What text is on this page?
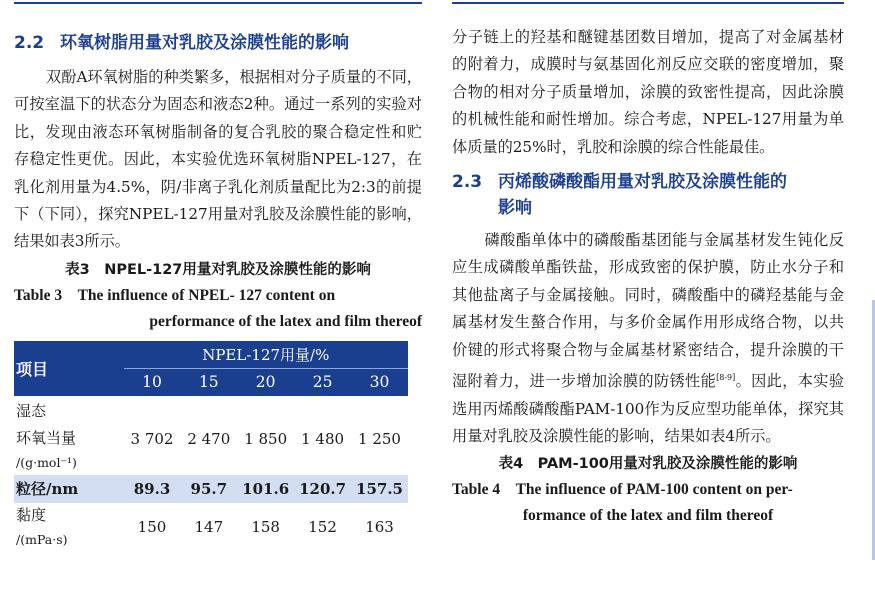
2.2 环氧树脂用量对乳胶及涂膜性能的影响

双酚A环氧树脂的种类繁多，根据相对分子质量的不同，可按室温下的状态分为固态和液态2种。通过一系列的实验对比，发现由液态环氧树脂制备的复合乳胶的聚合稳定性和贮存稳定性更优。因此，本实验优选环氧树脂NPEL-127，在乳化剂用量为4.5%，阴/非离子乳化剂质量配比为2:3的前提下（下同），探究NPEL-127用量对乳胶及涂膜性能的影响，结果如表3所示。

表3　NPEL-127用量对乳胶及涂膜性能的影响

Table 3　The influence of NPEL- 127 content on
performance of the latex and film thereof

项目	NPEL-127用量/%				
	10	15	20	25	30
湿态					
环氧当量
/(g·mol⁻¹)	3 702	2 470	1 850	1 480	1 250
粒径/nm	89.3	95.7	101.6	120.7	157.5
黏度
/(mPa·s)	150	147	158	152	163

分子链上的羟基和醚键基团数目增加，提高了对金属基材的附着力，成膜时与氨基固化剂反应交联的密度增加，聚合物的相对分子质量增加，涂膜的致密性提高，因此涂膜的机械性能和耐性增加。综合考虑，NPEL-127用量为单体质量的25%时，乳胶和涂膜的综合性能最佳。

2.3 丙烯酸磷酸酯用量对乳胶及涂膜性能的
影响

磷酸酯单体中的磷酸酯基团能与金属基材发生钝化反应生成磷酸单酯铁盐，形成致密的保护膜，防止水分子和其他盐离子与金属接触。同时，磷酸酯中的磷羟基能与金属基材发生螯合作用，与多价金属作用形成络合物，以共价键的形式将聚合物与金属基材紧密结合，提升涂膜的干湿附着力，进一步增加涂膜的防锈性能[8-9]。因此，本实验选用丙烯酸磷酸酯PAM-100作为反应型功能单体，探究其用量对乳胶及涂膜性能的影响，结果如表4所示。

表4　PAM-100用量对乳胶及涂膜性能的影响

Table 4　The influence of PAM-100 content on per-
formance of the latex and film thereof
